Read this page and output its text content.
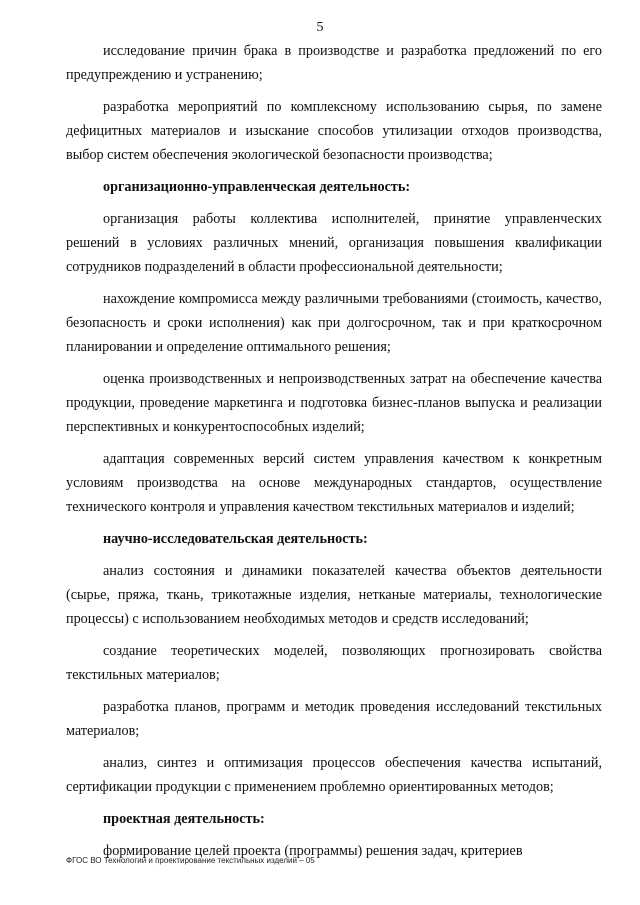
5

исследование причин брака в производстве и разработка предложений по его предупреждению и устранению;

разработка мероприятий по комплексному использованию сырья, по замене дефицитных материалов и изыскание способов утилизации отходов производства, выбор систем обеспечения экологической безопасности производства;

организационно-управленческая деятельность:

организация работы коллектива исполнителей, принятие управленческих решений в условиях различных мнений, организация повышения квалификации сотрудников подразделений в области профессиональной деятельности;

нахождение компромисса между различными требованиями (стоимость, качество, безопасность и сроки исполнения) как при долгосрочном, так и при краткосрочном планировании и определение оптимального решения;

оценка производственных и непроизводственных затрат на обеспечение качества продукции, проведение маркетинга и подготовка бизнес-планов выпуска и реализации перспективных и конкурентоспособных изделий;

адаптация современных версий систем управления качеством к конкретным условиям производства на основе международных стандартов, осуществление технического контроля и управления качеством текстильных материалов и изделий;

научно-исследовательская деятельность:

анализ состояния и динамики показателей качества объектов деятельности (сырье, пряжа, ткань, трикотажные изделия, нетканые материалы, технологические процессы) с использованием необходимых методов и средств исследований;

создание теоретических моделей, позволяющих прогнозировать свойства текстильных материалов;

разработка планов, программ и методик проведения исследований текстильных материалов;

анализ, синтез и оптимизация процессов обеспечения качества испытаний, сертификации продукции с применением проблемно ориентированных методов;

проектная деятельность:

формирование целей проекта (программы) решения задач, критериев

ФГОС ВО Технологии и проектирование текстильных изделий – 05
